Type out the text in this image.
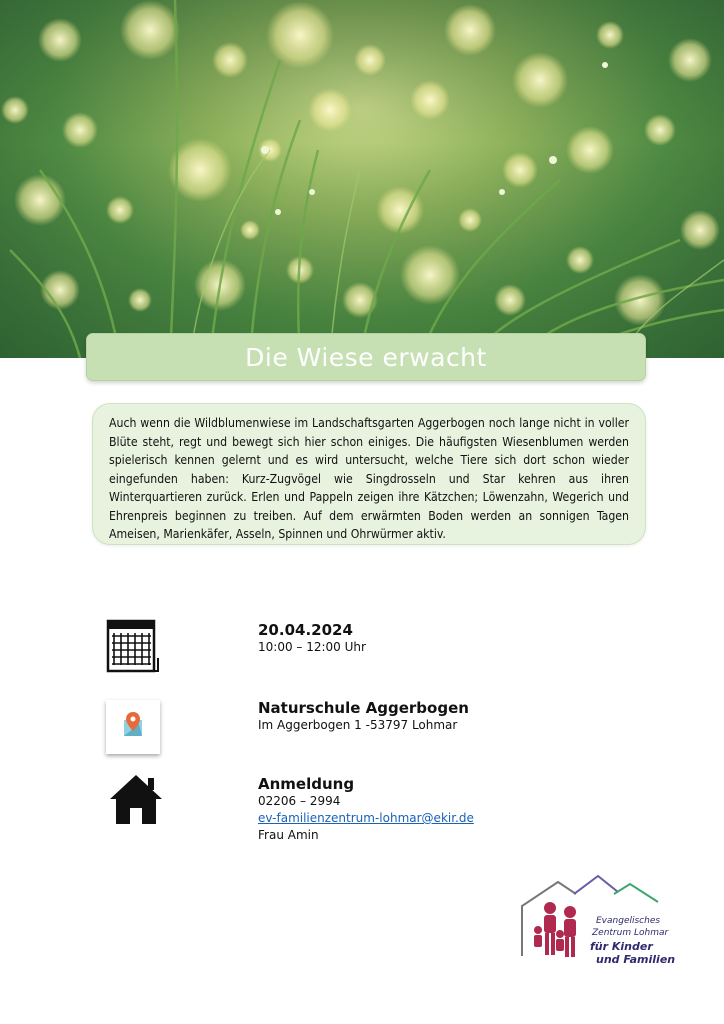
Die Wiese erwacht

Auch wenn die Wildblumenwiese im Landschaftsgarten Aggerbogen noch lange nicht in voller Blüte steht, regt und bewegt sich hier schon einiges. Die häufigsten Wiesenblumen werden spielerisch kennen gelernt und es wird untersucht, welche Tiere sich dort schon wieder eingefunden haben: Kurz-Zugvögel wie Singdrosseln und Star kehren aus ihren Winterquartieren zurück. Erlen und Pappeln zeigen ihre Kätzchen; Löwenzahn, Wegerich und Ehrenpreis beginnen zu treiben. Auf dem erwärmten Boden werden an sonnigen Tagen Ameisen, Marienkäfer, Asseln, Spinnen und Ohrwürmer aktiv.

20.04.2024
10:00 – 12:00 Uhr
Naturschule Aggerbogen
Im Aggerbogen 1 -53797 Lohmar
Anmeldung
02206 – 2994
ev-familienzentrum-lohmar@ekir.de
Frau Amin
Evangelisches
Zentrum Lohmar
für Kinder
und Familien
